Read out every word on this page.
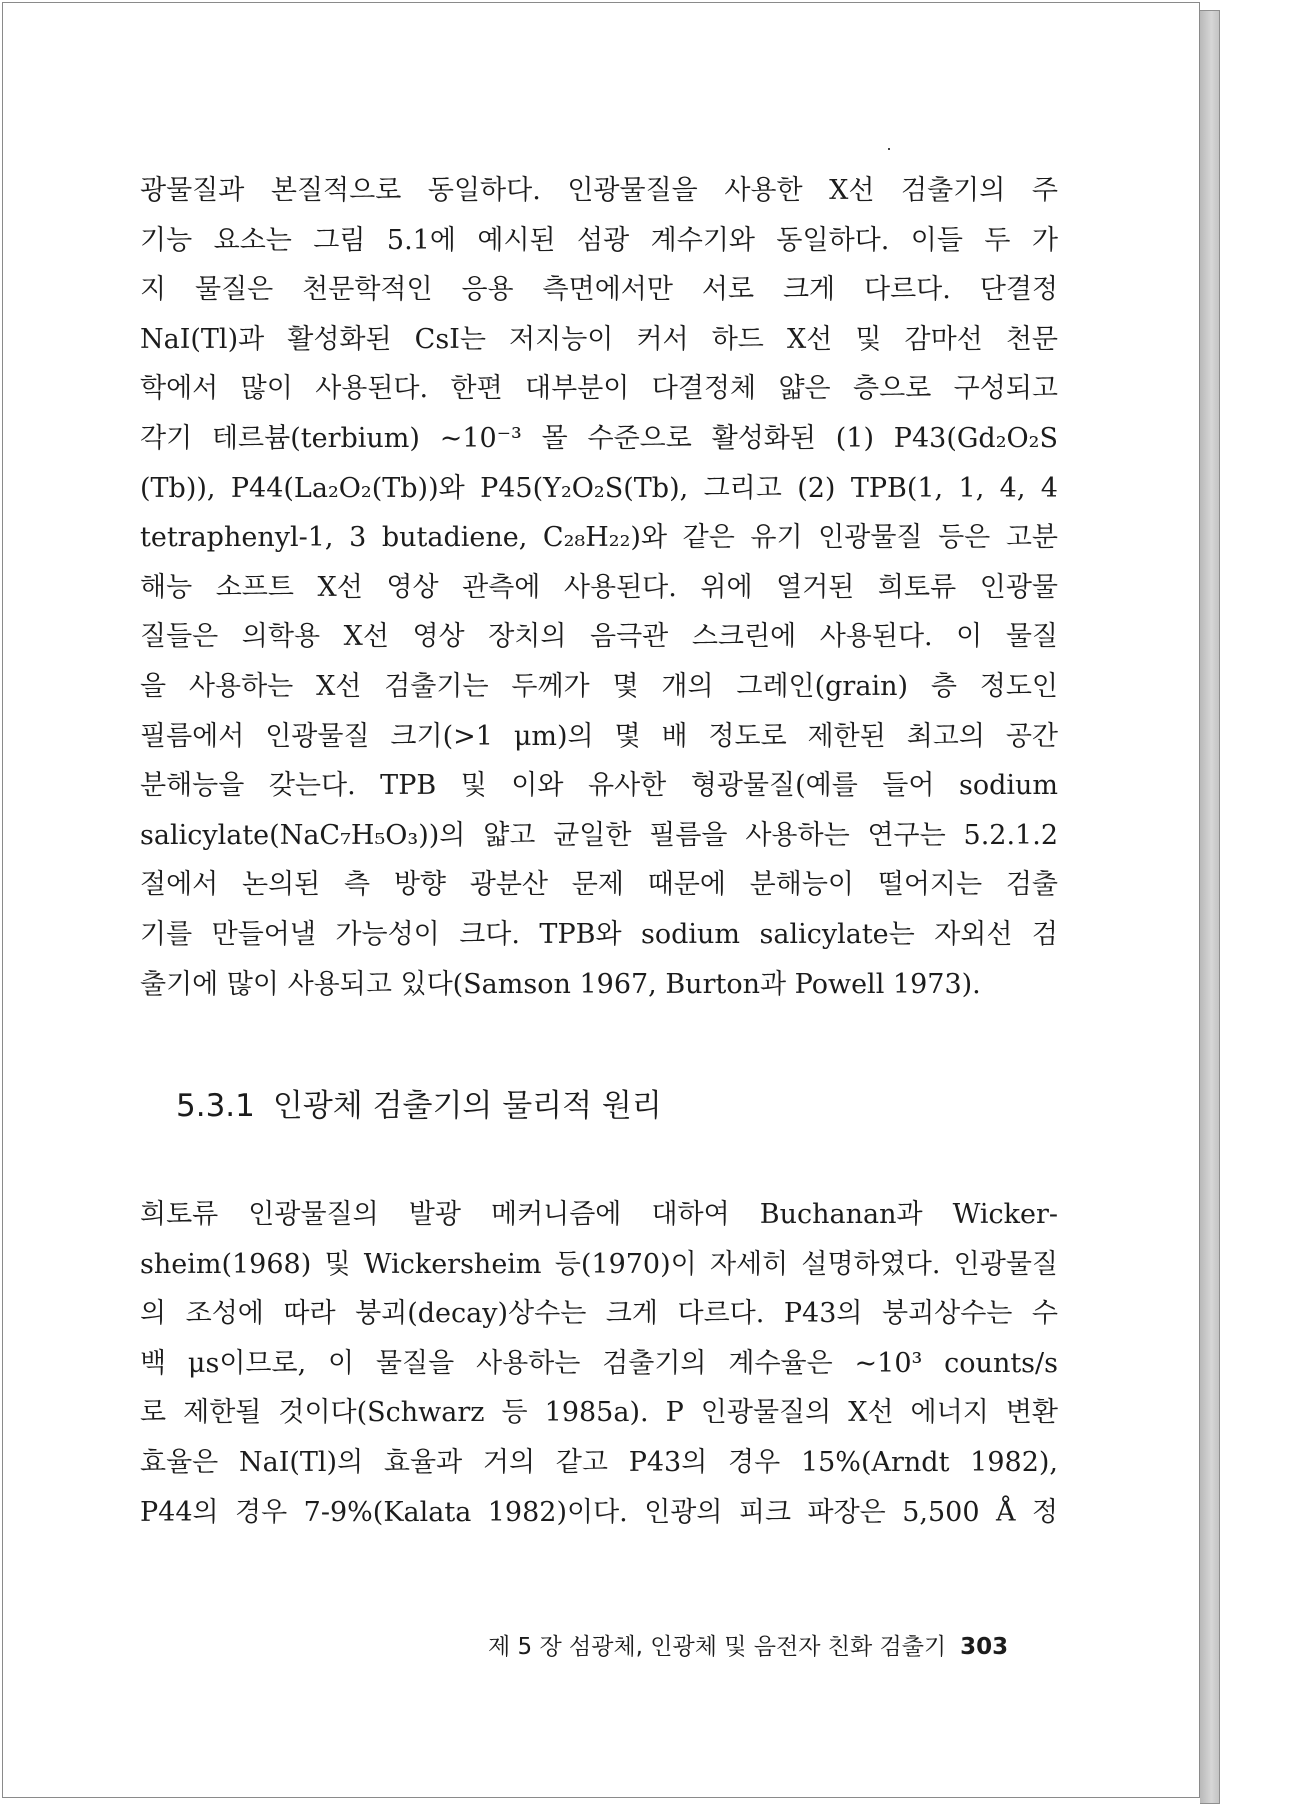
광물질과 본질적으로 동일하다. 인광물질을 사용한 X선 검출기의 주
기능 요소는 그림 5.1에 예시된 섬광 계수기와 동일하다. 이들 두 가
지 물질은 천문학적인 응용 측면에서만 서로 크게 다르다. 단결정
NaI(Tl)과 활성화된 CsI는 저지능이 커서 하드 X선 및 감마선 천문
학에서 많이 사용된다. 한편 대부분이 다결정체 얇은 층으로 구성되고
각기 테르븀(terbium) ~10⁻³ 몰 수준으로 활성화된 (1) P43(Gd₂O₂S
(Tb)), P44(La₂O₂(Tb))와 P45(Y₂O₂S(Tb), 그리고 (2) TPB(1, 1, 4, 4
tetraphenyl-1, 3 butadiene, C₂₈H₂₂)와 같은 유기 인광물질 등은 고분
해능 소프트 X선 영상 관측에 사용된다. 위에 열거된 희토류 인광물
질들은 의학용 X선 영상 장치의 음극관 스크린에 사용된다. 이 물질
을 사용하는 X선 검출기는 두께가 몇 개의 그레인(grain) 층 정도인
필름에서 인광물질 크기(>1 μm)의 몇 배 정도로 제한된 최고의 공간
분해능을 갖는다. TPB 및 이와 유사한 형광물질(예를 들어 sodium
salicylate(NaC₇H₅O₃))의 얇고 균일한 필름을 사용하는 연구는 5.2.1.2
절에서 논의된 측 방향 광분산 문제 때문에 분해능이 떨어지는 검출
기를 만들어낼 가능성이 크다. TPB와 sodium salicylate는 자외선 검
출기에 많이 사용되고 있다(Samson 1967, Burton과 Powell 1973).
5.3.1 인광체 검출기의 물리적 원리
희토류 인광물질의 발광 메커니즘에 대하여 Buchanan과 Wicker-
sheim(1968) 및 Wickersheim 등(1970)이 자세히 설명하였다. 인광물질
의 조성에 따라 붕괴(decay)상수는 크게 다르다. P43의 붕괴상수는 수
백 μs이므로, 이 물질을 사용하는 검출기의 계수율은 ~10³ counts/s
로 제한될 것이다(Schwarz 등 1985a). P 인광물질의 X선 에너지 변환
효율은 NaI(Tl)의 효율과 거의 같고 P43의 경우 15%(Arndt 1982),
P44의 경우 7-9%(Kalata 1982)이다. 인광의 피크 파장은 5,500 Å 정
제 5 장 섬광체, 인광체 및 음전자 친화 검출기 303
